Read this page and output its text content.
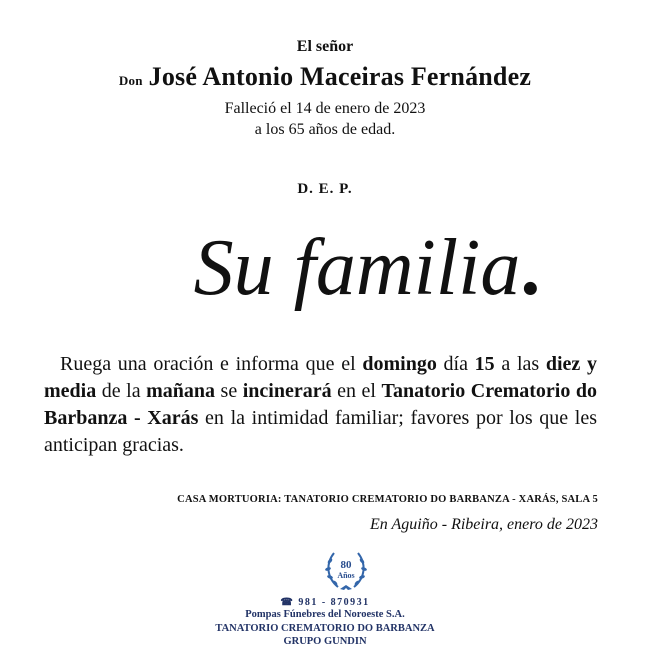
El señor
Don José Antonio Maceiras Fernández
Falleció el 14 de enero de 2023
a los 65 años de edad.
D. E. P.
Su familia.

Ruega una oración e informa que el domingo día 15 a las diez y media de la mañana se incinerará en el Tanatorio Crematorio do Barbanza - Xarás en la intimidad familiar; favores por los que les anticipan gracias.

CASA MORTUORIA: TANATORIO CREMATORIO DO BARBANZA - XARÁS, SALA 5
En Aguiño - Ribeira, enero de 2023
80
Años
☎ 981 - 870931
Pompas Fúnebres del Noroeste S.A.
TANATORIO CREMATORIO DO BARBANZA
GRUPO GUNDIN
